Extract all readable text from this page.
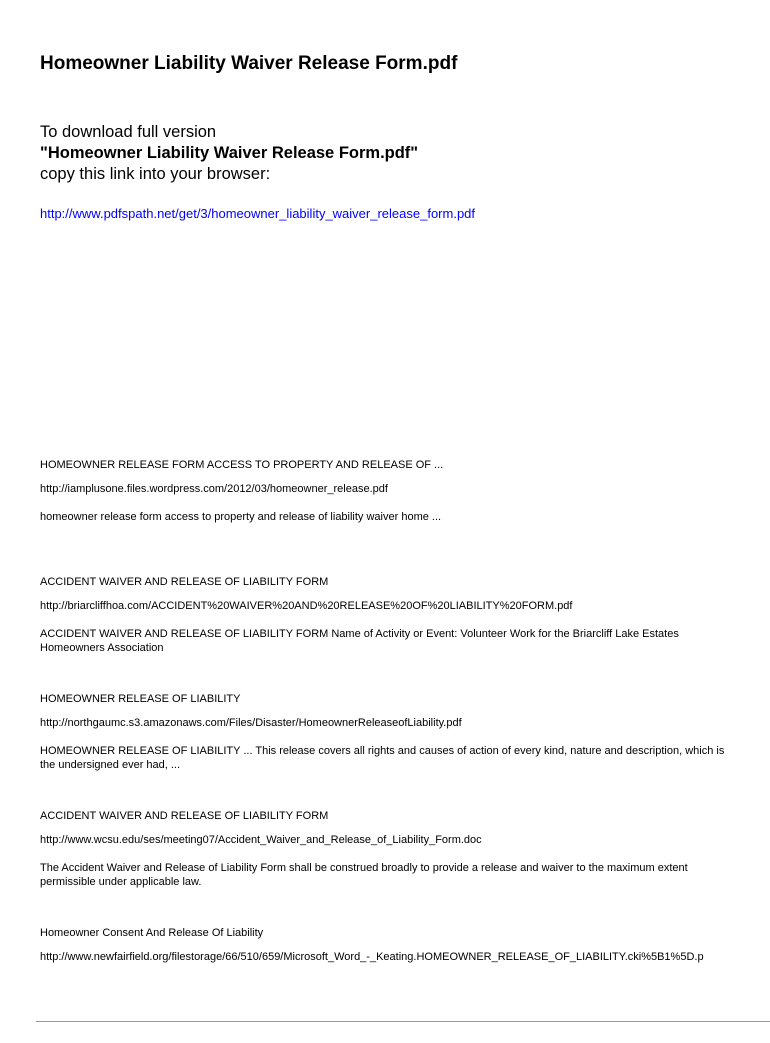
Homeowner Liability Waiver Release Form.pdf
To download full version
"Homeowner Liability Waiver Release Form.pdf"
copy this link into your browser:
http://www.pdfspath.net/get/3/homeowner_liability_waiver_release_form.pdf
HOMEOWNER RELEASE FORM ACCESS TO PROPERTY AND RELEASE OF ...
http://iamplusone.files.wordpress.com/2012/03/homeowner_release.pdf
homeowner release form access to property and release of liability waiver home ...
ACCIDENT WAIVER AND RELEASE OF LIABILITY FORM
http://briarcliffhoa.com/ACCIDENT%20WAIVER%20AND%20RELEASE%20OF%20LIABILITY%20FORM.pdf
ACCIDENT WAIVER AND RELEASE OF LIABILITY FORM Name of Activity or Event: Volunteer Work for the Briarcliff Lake Estates Homeowners Association
HOMEOWNER RELEASE OF LIABILITY
http://northgaumc.s3.amazonaws.com/Files/Disaster/HomeownerReleaseofLiability.pdf
HOMEOWNER RELEASE OF LIABILITY ... This release covers all rights and causes of action of every kind, nature and description, which is the undersigned ever had, ...
ACCIDENT WAIVER AND RELEASE OF LIABILITY FORM
http://www.wcsu.edu/ses/meeting07/Accident_Waiver_and_Release_of_Liability_Form.doc
The Accident Waiver and Release of Liability Form shall be construed broadly to provide a release and waiver to the maximum extent permissible under applicable law.
Homeowner Consent And Release Of Liability
http://www.newfairfield.org/filestorage/66/510/659/Microsoft_Word_-_Keating.HOMEOWNER_RELEASE_OF_LIABILITY.cki%5B1%5D.p
